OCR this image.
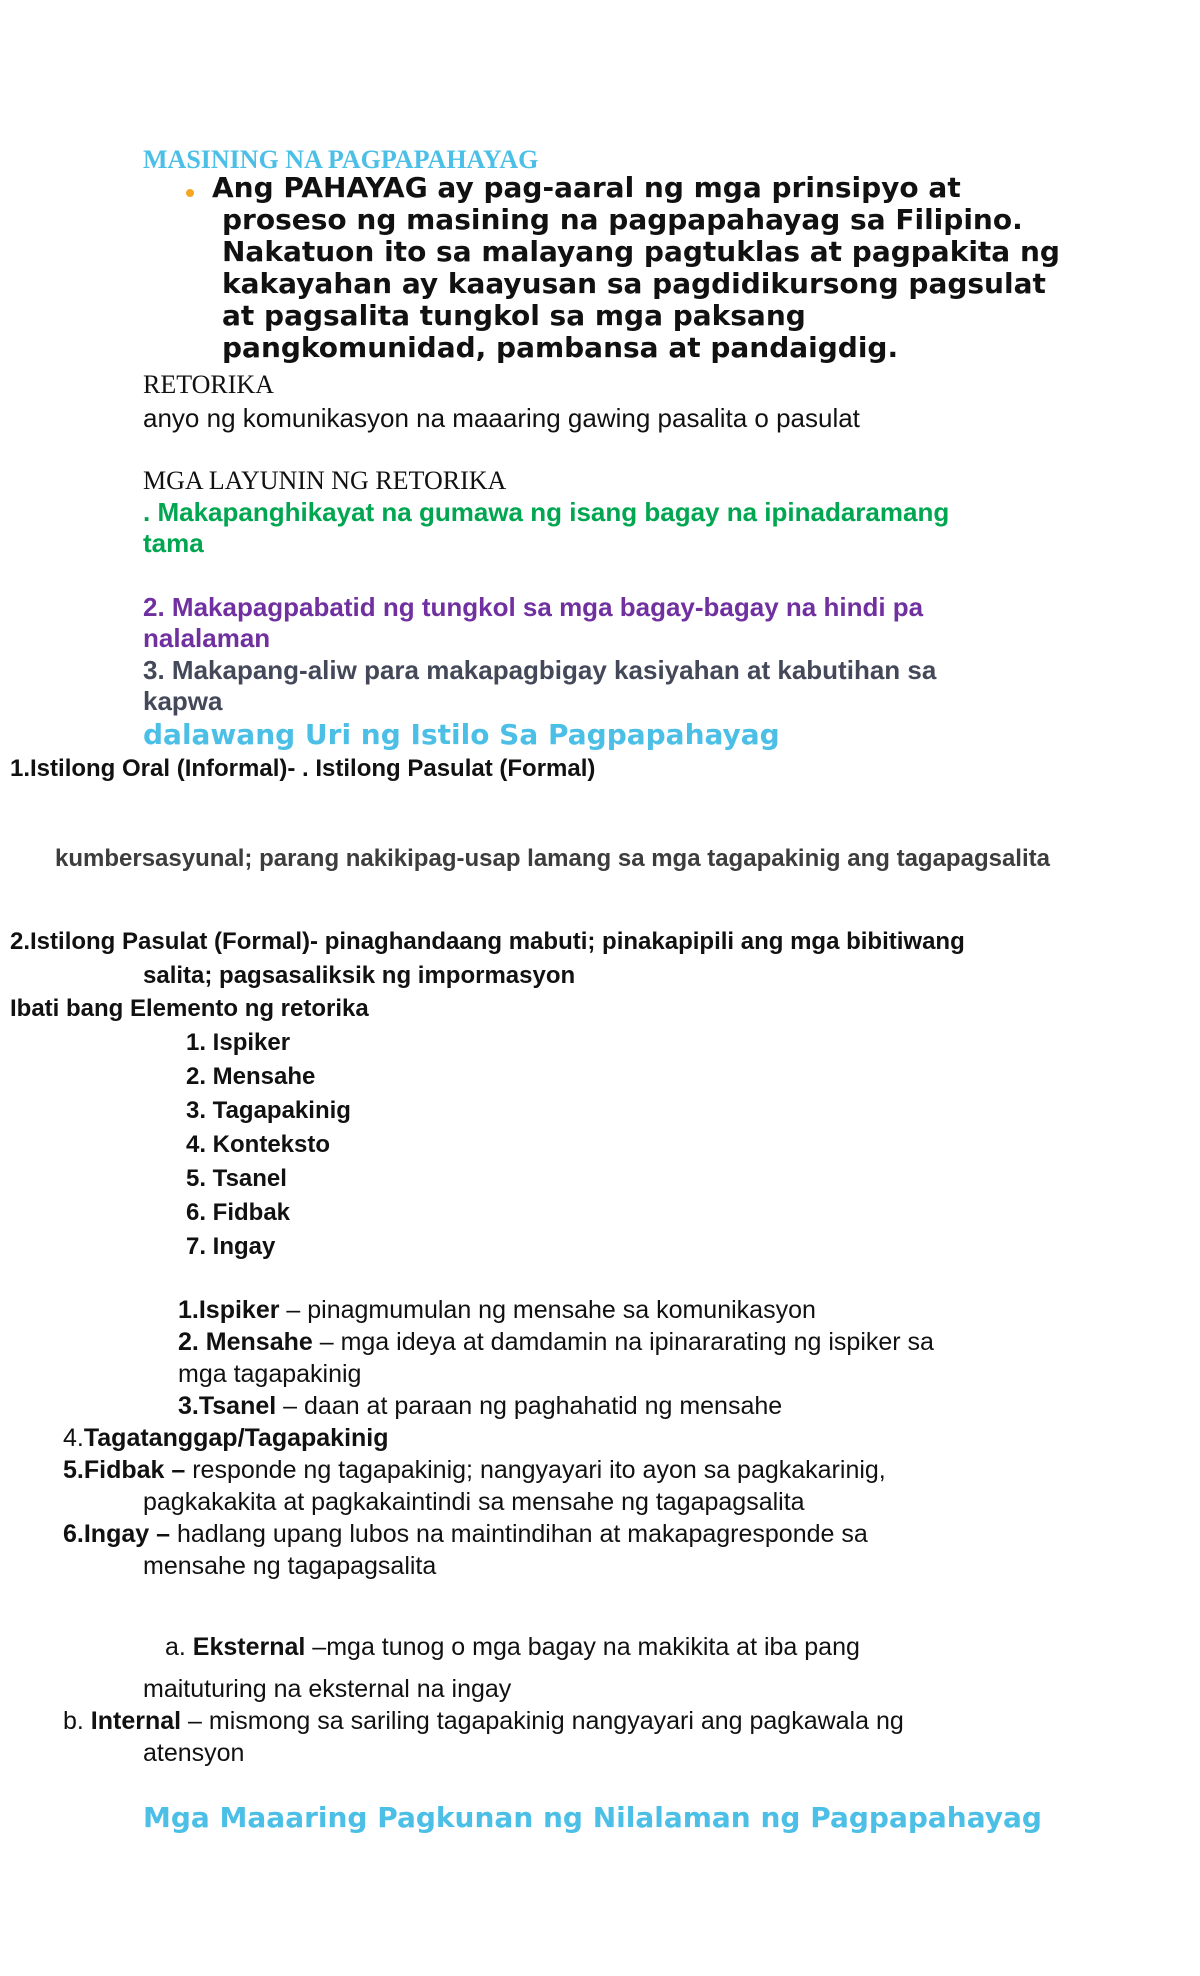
MASINING NA PAGPAPAHAYAG
Ang PAHAYAG ay pag-aaral ng mga prinsipyo at
proseso ng masining na pagpapahayag sa Filipino.
Nakatuon ito sa malayang pagtuklas at pagpakita ng
kakayahan ay kaayusan sa pagdidikursong pagsulat
at pagsalita tungkol sa mga paksang
pangkomunidad, pambansa at pandaigdig.
RETORIKA
anyo ng komunikasyon na maaaring gawing pasalita o pasulat
MGA LAYUNIN NG RETORIKA
. Makapanghikayat na gumawa ng isang bagay na ipinadaramang
tama
2. Makapagpabatid ng tungkol sa mga bagay-bagay na hindi pa
nalalaman
3. Makapang-aliw para makapagbigay kasiyahan at kabutihan sa
kapwa
dalawang Uri ng Istilo Sa Pagpapahayag
1.Istilong Oral (Informal)- . Istilong Pasulat (Formal)
kumbersasyunal; parang nakikipag-usap lamang sa mga tagapakinig ang tagapagsalita
2.Istilong Pasulat (Formal)- pinaghandaang mabuti; pinakapipili ang mga bibitiwang
salita; pagsasaliksik ng impormasyon
Ibati bang Elemento ng retorika
1. Ispiker
2. Mensahe
3. Tagapakinig
4. Konteksto
5. Tsanel
6. Fidbak
7. Ingay
1.Ispiker – pinagmumulan ng mensahe sa komunikasyon
2. Mensahe – mga ideya at damdamin na ipinararating ng ispiker sa
mga tagapakinig
3.Tsanel – daan at paraan ng paghahatid ng mensahe
4.Tagatanggap/Tagapakinig
5.Fidbak – responde ng tagapakinig; nangyayari ito ayon sa pagkakarinig,
pagkakakita at pagkakaintindi sa mensahe ng tagapagsalita
6.Ingay – hadlang upang lubos na maintindihan at makapagresponde sa
mensahe ng tagapagsalita
a. Eksternal –mga tunog o mga bagay na makikita at iba pang
maituturing na eksternal na ingay
b. Internal – mismong sa sariling tagapakinig nangyayari ang pagkawala ng
atensyon
Mga Maaaring Pagkunan ng Nilalaman ng Pagpapahayag
